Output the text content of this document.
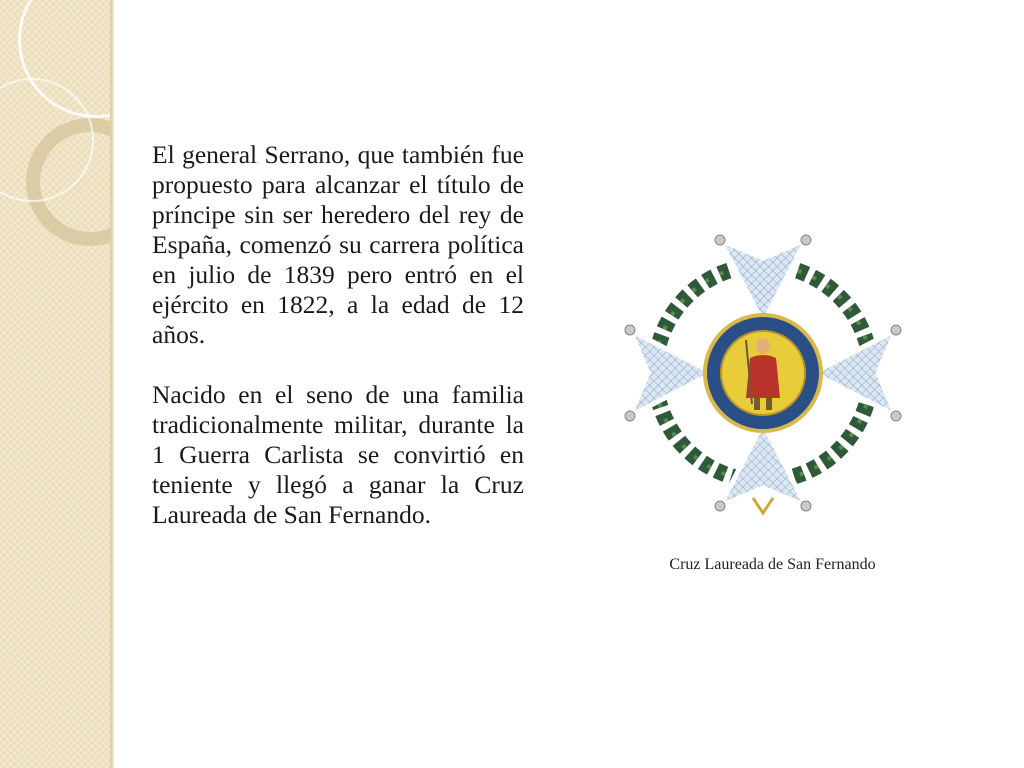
El general Serrano, que también fue propuesto para alcanzar el título de príncipe sin ser heredero del rey de España, comenzó su carrera política en julio de 1839 pero entró en el ejército en 1822, a la edad de 12 años.

Nacido en el seno de una familia tradicionalmente militar, durante la 1 Guerra Carlista se convirtió en teniente y llegó a ganar la Cruz Laureada de San Fernando.

Cruz Laureada de San Fernando
